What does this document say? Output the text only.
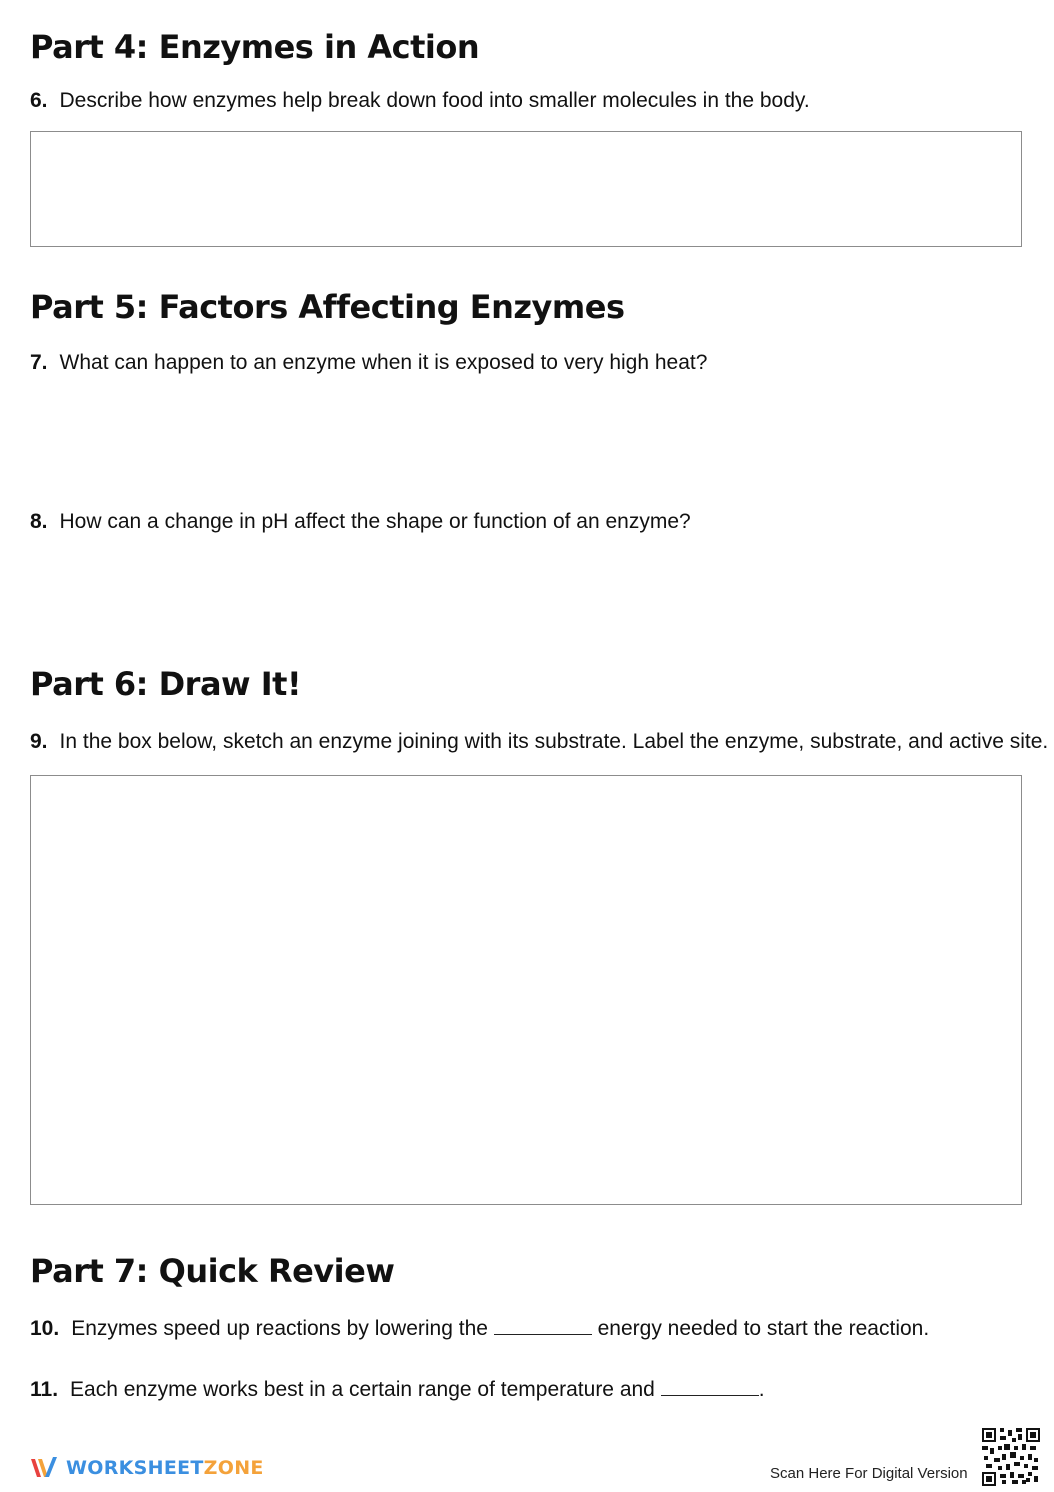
Part 4: Enzymes in Action
6. Describe how enzymes help break down food into smaller molecules in the body.
Part 5: Factors Affecting Enzymes
7. What can happen to an enzyme when it is exposed to very high heat?
8. How can a change in pH affect the shape or function of an enzyme?
Part 6: Draw It!
9. In the box below, sketch an enzyme joining with its substrate. Label the enzyme, substrate, and active site.
Part 7: Quick Review
10. Enzymes speed up reactions by lowering the	energy needed to start the reaction.
11. Each enzyme works best in a certain range of temperature and	.
WORKSHEETZONE	Scan Here For Digital Version
